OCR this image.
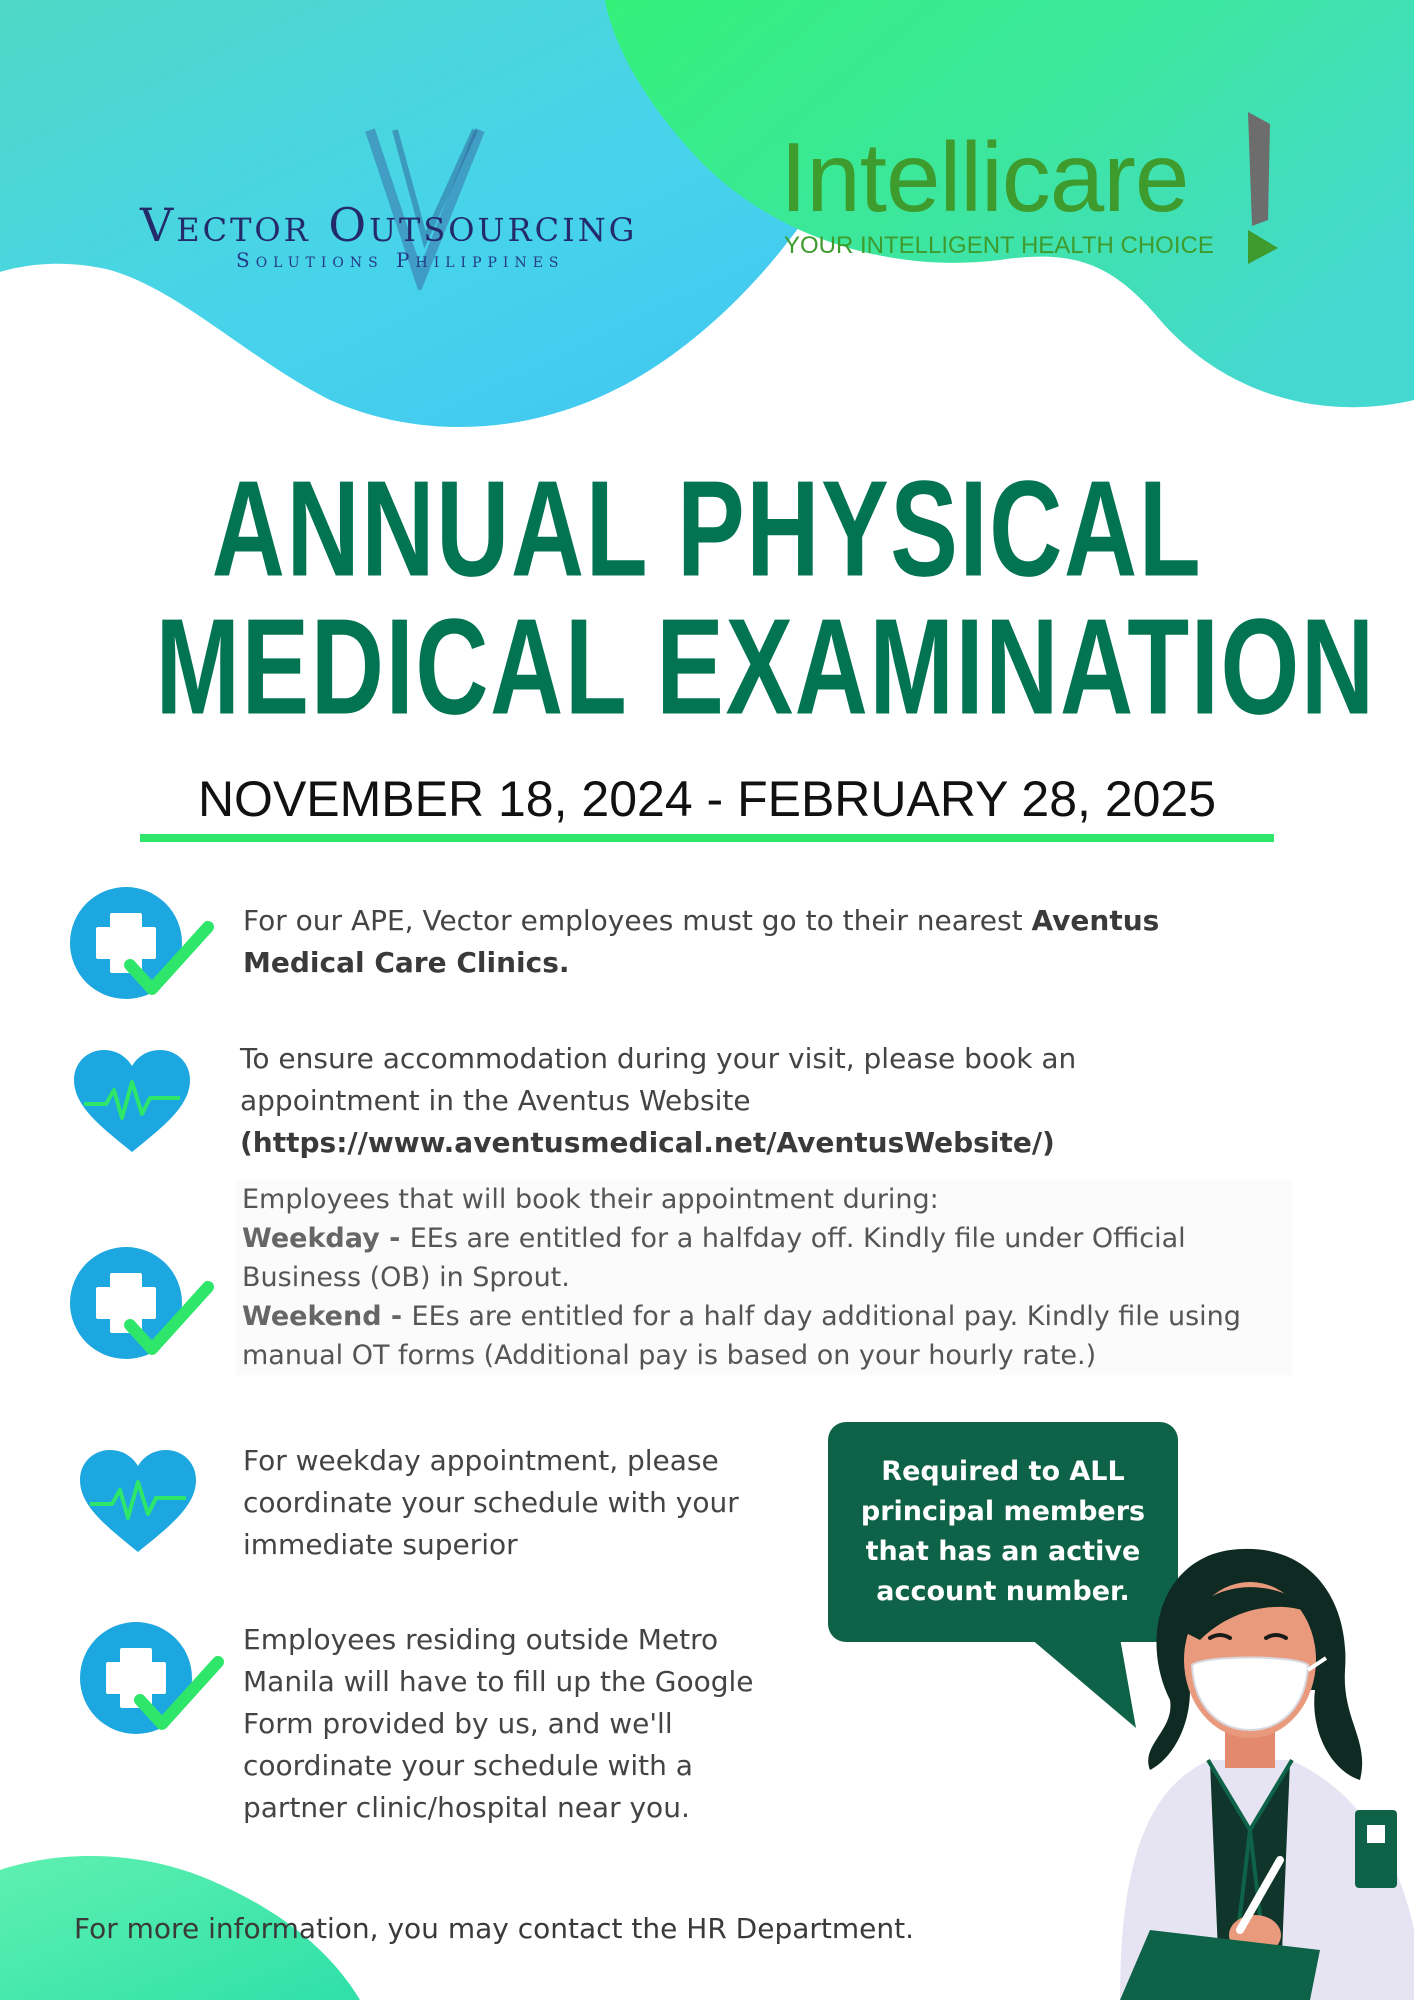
Vector Outsourcing
Solutions Philippines
Intellicare
YOUR INTELLIGENT HEALTH CHOICE
ANNUAL PHYSICAL
MEDICAL EXAMINATION
NOVEMBER 18, 2024 - FEBRUARY 28, 2025
For our APE, Vector employees must go to their nearest Aventus Medical Care Clinics.
To ensure accommodation during your visit, please book an appointment in the Aventus Website
(https://www.aventusmedical.net/AventusWebsite/)
Employees that will book their appointment during:
Weekday - EEs are entitled for a halfday off. Kindly file under Official Business (OB) in Sprout.
Weekend - EEs are entitled for a half day additional pay. Kindly file using manual OT forms (Additional pay is based on your hourly rate.)
For weekday appointment, please coordinate your schedule with your immediate superior
Employees residing outside Metro Manila will have to fill up the Google Form provided by us, and we'll coordinate your schedule with a partner clinic/hospital near you.
Required to ALL principal members that has an active account number.
For more information, you may contact the HR Department.
